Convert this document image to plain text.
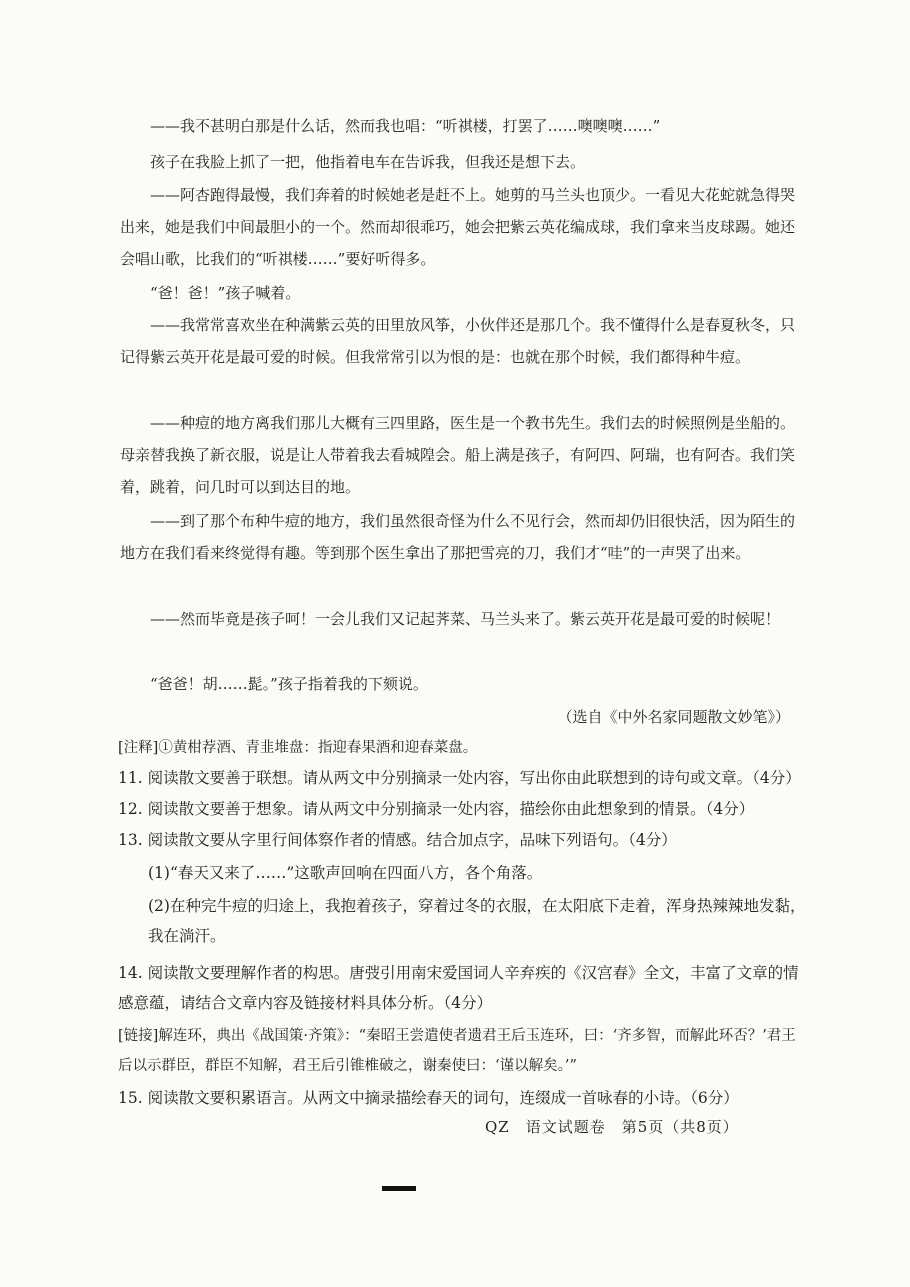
——我不甚明白那是什么话，然而我也唱：“听祺楼，打罢了……噢噢噢……”

孩子在我脸上抓了一把，他指着电车在告诉我，但我还是想下去。

——阿杏跑得最慢，我们奔着的时候她老是赶不上。她剪的马兰头也顶少。一看见大花蛇就急得哭出来，她是我们中间最胆小的一个。然而却很乖巧，她会把紫云英花编成球，我们拿来当皮球踢。她还会唱山歌，比我们的“听祺楼……”要好听得多。

“爸！爸！”孩子喊着。

——我常常喜欢坐在种满紫云英的田里放风筝，小伙伴还是那几个。我不懂得什么是春夏秋冬，只记得紫云英开花是最可爱的时候。但我常常引以为恨的是：也就在那个时候，我们都得种牛痘。

——种痘的地方离我们那儿大概有三四里路，医生是一个教书先生。我们去的时候照例是坐船的。母亲替我换了新衣服，说是让人带着我去看城隍会。船上满是孩子，有阿四、阿瑞，也有阿杏。我们笑着，跳着，问几时可以到达目的地。

——到了那个布种牛痘的地方，我们虽然很奇怪为什么不见行会，然而却仍旧很快活，因为陌生的地方在我们看来终觉得有趣。等到那个医生拿出了那把雪亮的刀，我们才“哇”的一声哭了出来。

——然而毕竟是孩子呵！一会儿我们又记起荠菜、马兰头来了。紫云英开花是最可爱的时候呢！

“爸爸！胡……髭。”孩子指着我的下颏说。

（选自《中外名家同题散文妙笔》）
[注释]①黄柑荐酒、青韭堆盘：指迎春果酒和迎春菜盘。
11. 阅读散文要善于联想。请从两文中分别摘录一处内容，写出你由此联想到的诗句或文章。（4分）
12. 阅读散文要善于想象。请从两文中分别摘录一处内容，描绘你由此想象到的情景。（4分）
13. 阅读散文要从字里行间体察作者的情感。结合加点字，品味下列语句。（4分）
(1)“春天又来了……”这歌声回响在四面八方，各个角落。
(2)在种完牛痘的归途上，我抱着孩子，穿着过冬的衣服，在太阳底下走着，浑身热辣辣地发黏，我在淌汗。
14. 阅读散文要理解作者的构思。唐弢引用南宋爱国词人辛弃疾的《汉宫春》全文，丰富了文章的情感意蕴，请结合文章内容及链接材料具体分析。（4分）
[链接]解连环，典出《战国策·齐策》：“秦昭王尝遣使者遗君王后玉连环，曰：‘齐多智，而解此环否？’君王后以示群臣，群臣不知解，君王后引锥椎破之，谢秦使曰：‘谨以解矣。’”
15. 阅读散文要积累语言。从两文中摘录描绘春天的词句，连缀成一首咏春的小诗。（6分）
QZ　语文试题卷　第5页（共8页）
